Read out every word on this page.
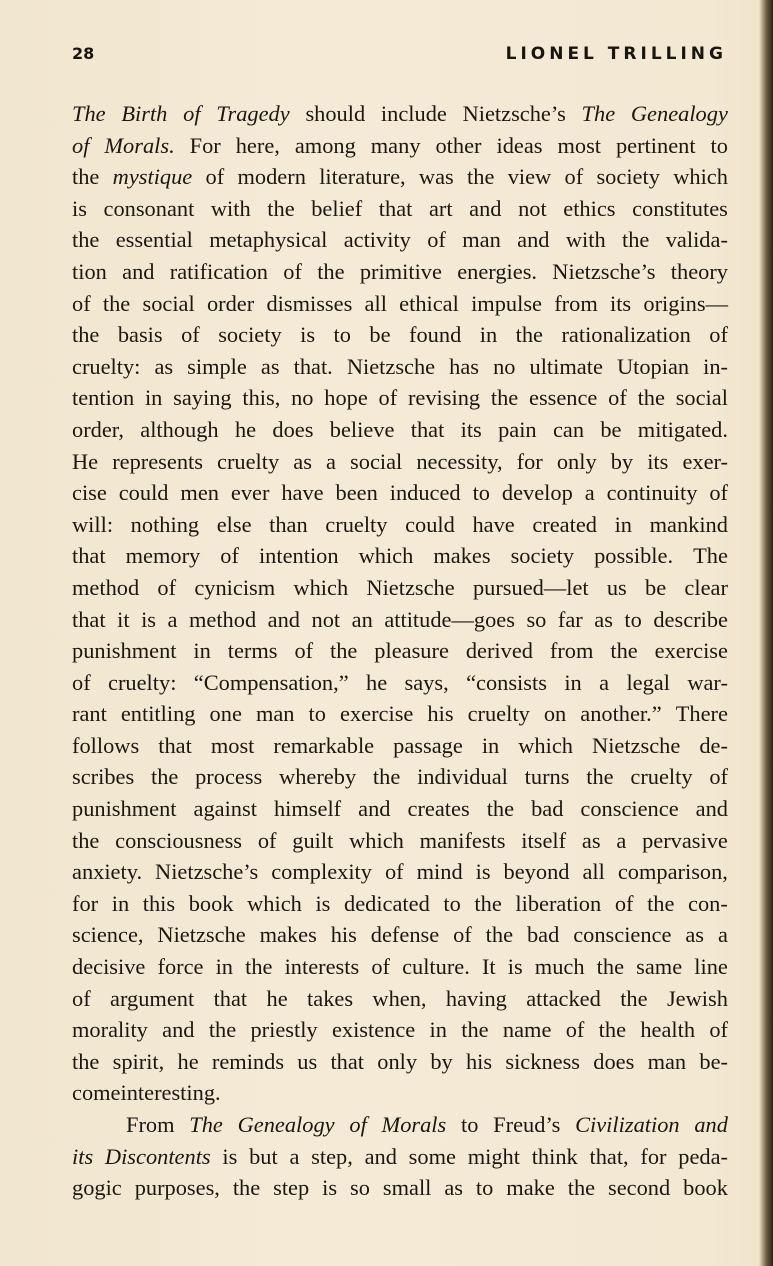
28	LIONEL TRILLING
The Birth of Tragedy should include Nietzsche’s The Genealogy
of Morals. For here, among many other ideas most pertinent to
the mystique of modern literature, was the view of society which
is consonant with the belief that art and not ethics constitutes
the essential metaphysical activity of man and with the valida-
tion and ratification of the primitive energies. Nietzsche’s theory
of the social order dismisses all ethical impulse from its origins—
the basis of society is to be found in the rationalization of
cruelty: as simple as that. Nietzsche has no ultimate Utopian in-
tention in saying this, no hope of revising the essence of the social
order, although he does believe that its pain can be mitigated.
He represents cruelty as a social necessity, for only by its exer-
cise could men ever have been induced to develop a continuity of
will: nothing else than cruelty could have created in mankind
that memory of intention which makes society possible. The
method of cynicism which Nietzsche pursued—let us be clear
that it is a method and not an attitude—goes so far as to describe
punishment in terms of the pleasure derived from the exercise
of cruelty: “Compensation,” he says, “consists in a legal war-
rant entitling one man to exercise his cruelty on another.” There
follows that most remarkable passage in which Nietzsche de-
scribes the process whereby the individual turns the cruelty of
punishment against himself and creates the bad conscience and
the consciousness of guilt which manifests itself as a pervasive
anxiety. Nietzsche’s complexity of mind is beyond all comparison,
for in this book which is dedicated to the liberation of the con-
science, Nietzsche makes his defense of the bad conscience as a
decisive force in the interests of culture. It is much the same line
of argument that he takes when, having attacked the Jewish
morality and the priestly existence in the name of the health of
the spirit, he reminds us that only by his sickness does man be-
come interesting.
From The Genealogy of Morals to Freud’s Civilization and
its Discontents is but a step, and some might think that, for peda-
gogic purposes, the step is so small as to make the second book
